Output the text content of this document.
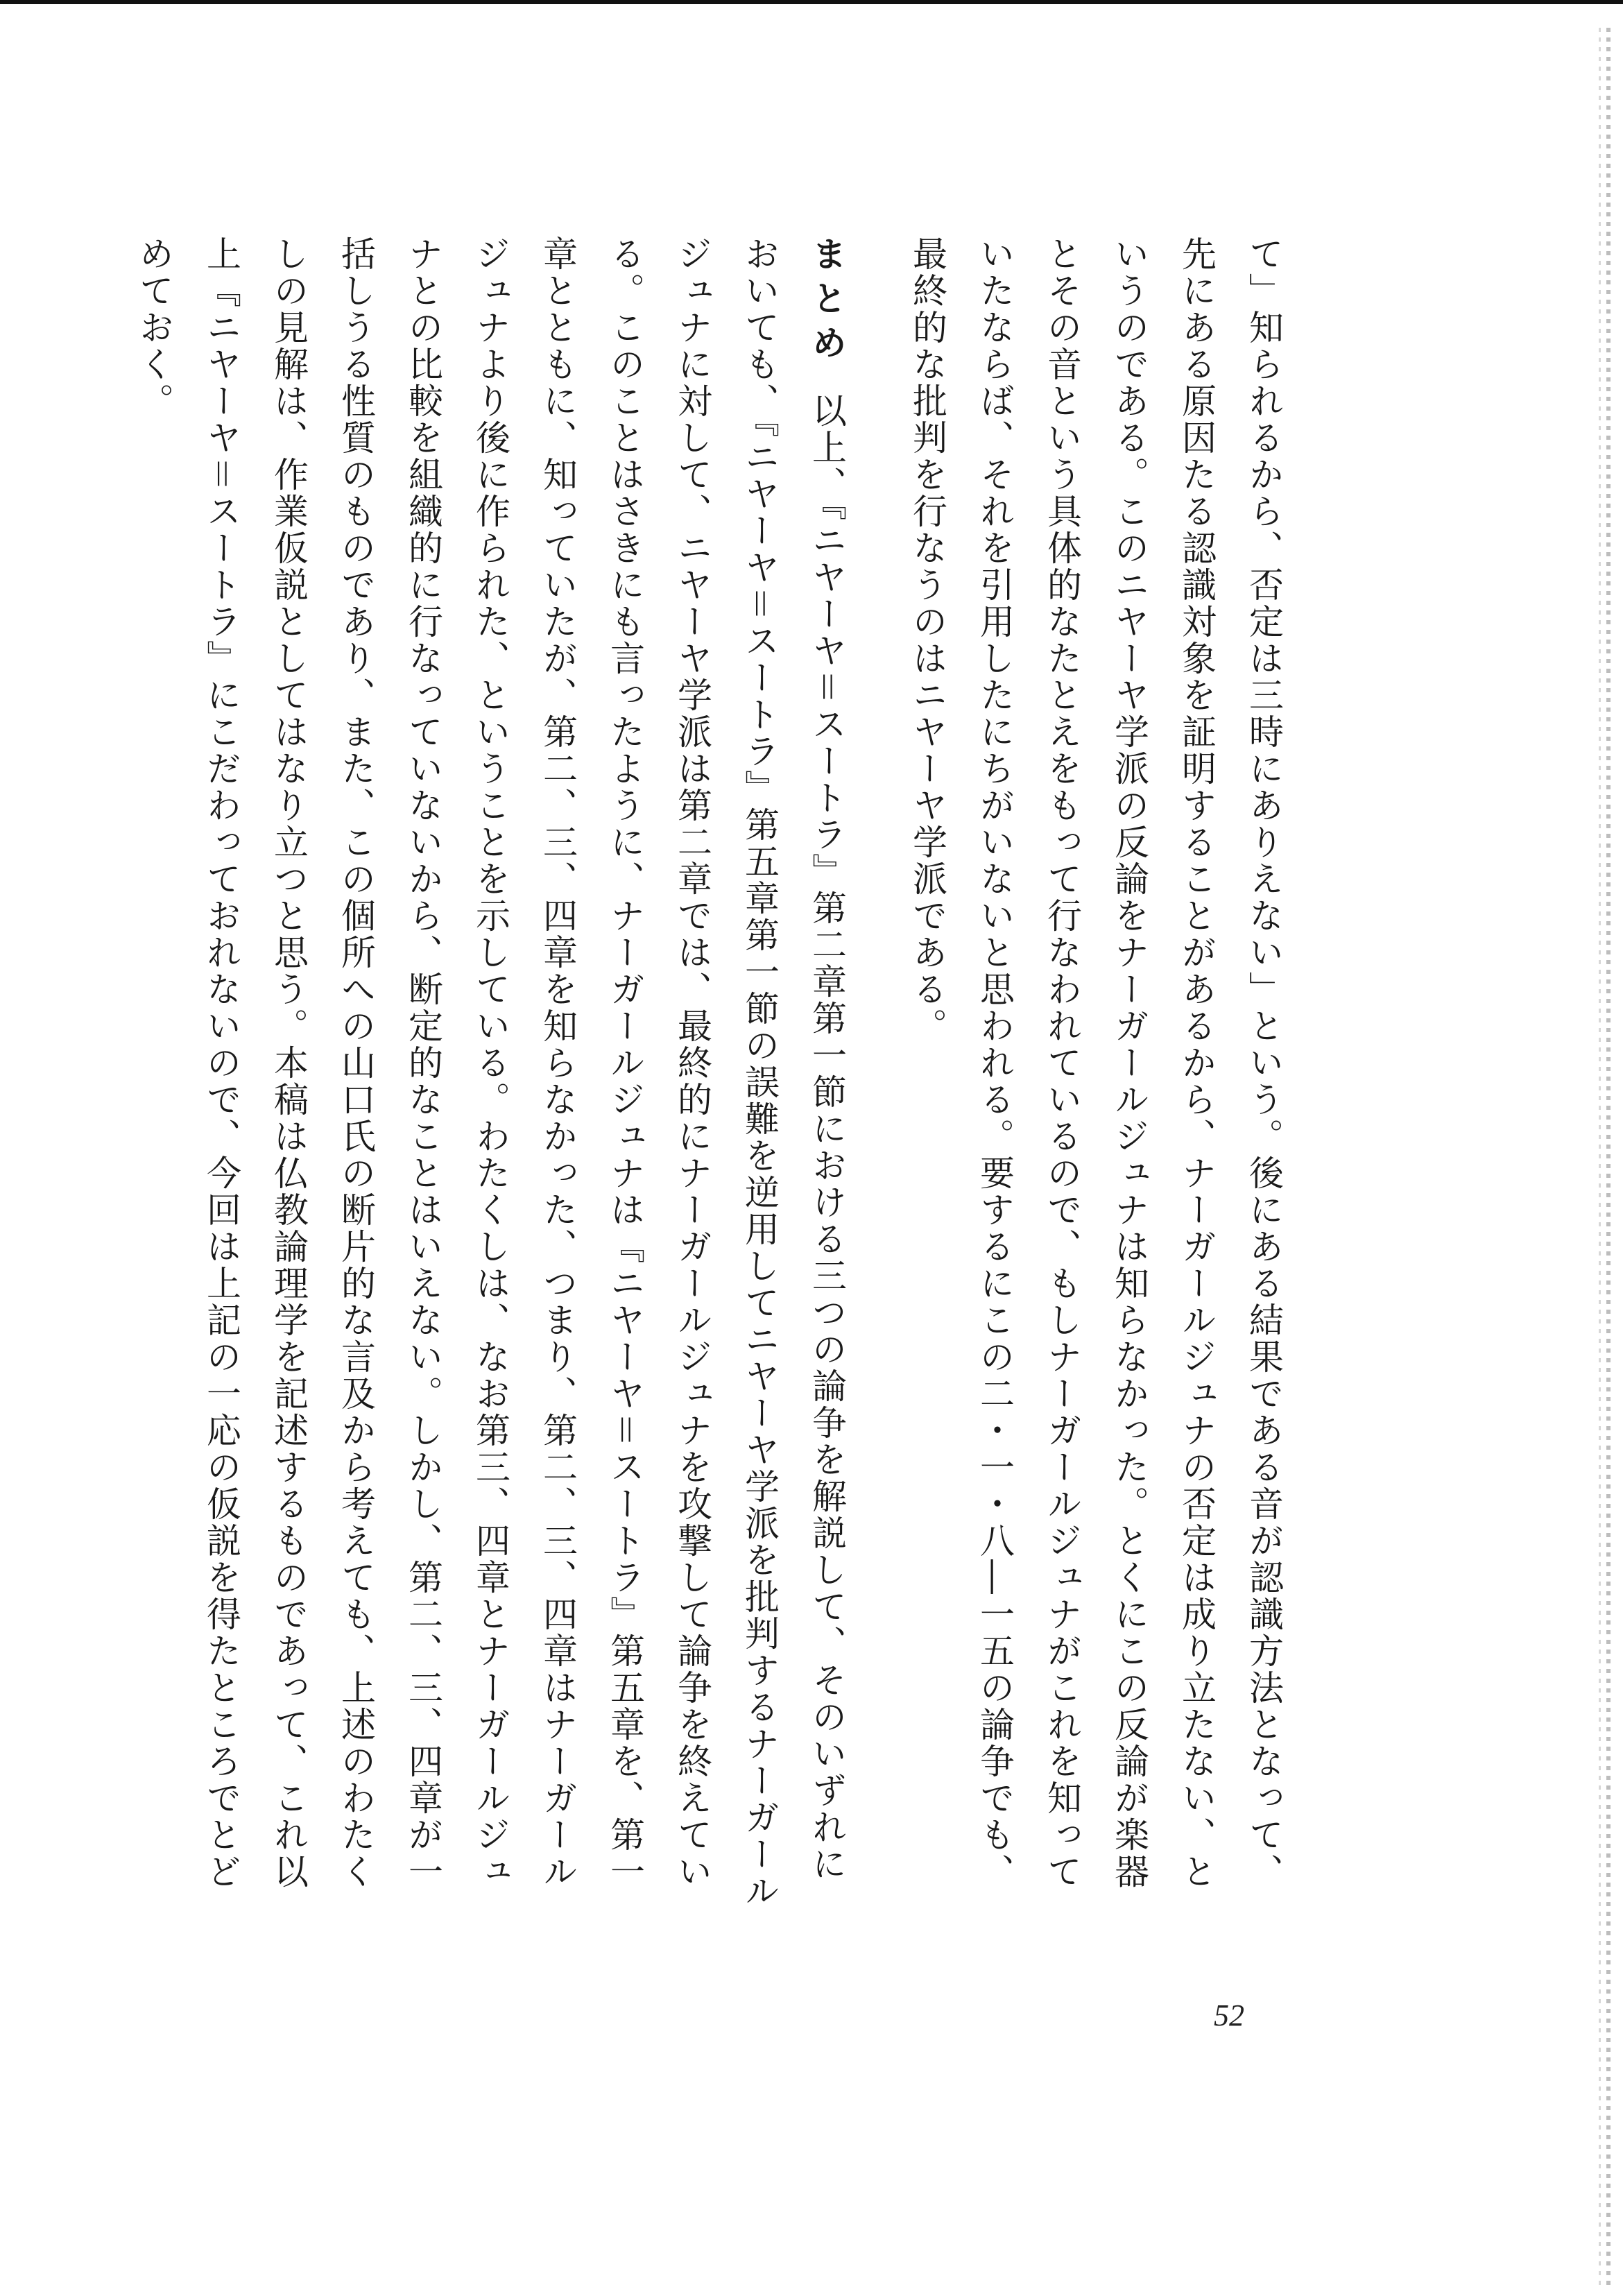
て」知られるから、否定は三時にありえない」という。後にある結果である音が認識方法となって、先にある原因たる認識対象を証明することがあるから、ナーガールジュナの否定は成り立たない、というのである。このニヤーヤ学派の反論をナーガールジュナは知らなかった。とくにこの反論が楽器とその音という具体的なたとえをもって行なわれているので、もしナーガールジュナがこれを知っていたならば、それを引用したにちがいないと思われる。要するにこの二・一・八―一五の論争でも、最終的な批判を行なうのはニヤーヤ学派である。

まとめ以上、『ニヤーヤ＝スートラ』第二章第一節における三つの論争を解説して、そのいずれにおいても、『ニヤーヤ＝スートラ』第五章第一節の誤難を逆用してニヤーヤ学派を批判するナーガールジュナに対して、ニヤーヤ学派は第二章では、最終的にナーガールジュナを攻撃して論争を終えている。このことはさきにも言ったように、ナーガールジュナは『ニヤーヤ＝スートラ』第五章を、第一章とともに、知っていたが、第二、三、四章を知らなかった、つまり、第二、三、四章はナーガールジュナより後に作られた、ということを示している。わたくしは、なお第三、四章とナーガールジュナとの比較を組織的に行なっていないから、断定的なことはいえない。しかし、第二、三、四章が一括しうる性質のものであり、また、この個所への山口氏の断片的な言及から考えても、上述のわたくしの見解は、作業仮説としてはなり立つと思う。本稿は仏教論理学を記述するものであって、これ以上『ニヤーヤ＝スートラ』にこだわっておれないので、今回は上記の一応の仮説を得たところでとどめておく。

52
